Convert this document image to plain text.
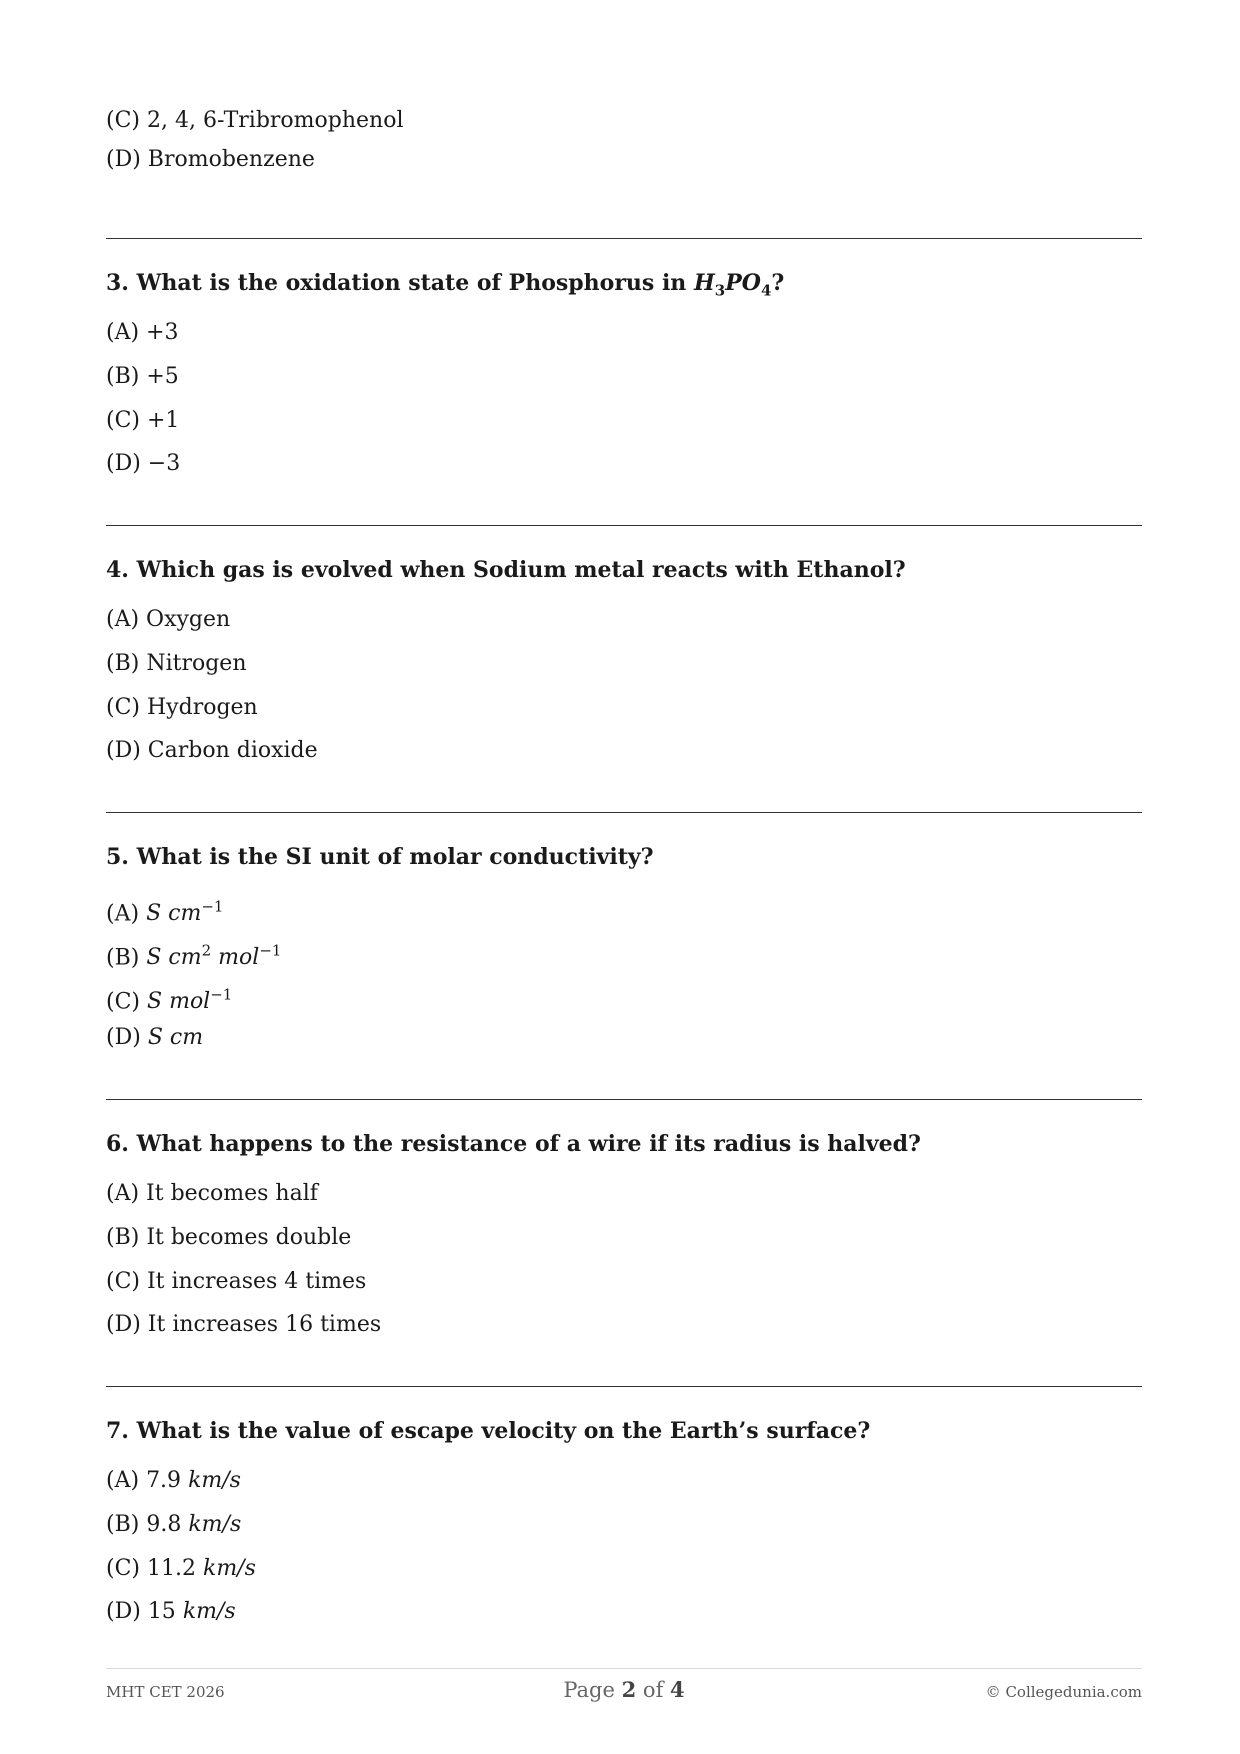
(C) 2, 4, 6-Tribromophenol
(D) Bromobenzene
3. What is the oxidation state of Phosphorus in $H_3PO_4$?
(A) +3
(B) +5
(C) +1
(D) −3
4. Which gas is evolved when Sodium metal reacts with Ethanol?
(A) Oxygen
(B) Nitrogen
(C) Hydrogen
(D) Carbon dioxide
5. What is the SI unit of molar conductivity?
(A) S $cm^{-1}$
(B) S $cm^2$ mol$^{-1}$
(C) S mol$^{-1}$
(D) S cm
6. What happens to the resistance of a wire if its radius is halved?
(A) It becomes half
(B) It becomes double
(C) It increases 4 times
(D) It increases 16 times
7. What is the value of escape velocity on the Earth’s surface?
(A) 7.9 km/s
(B) 9.8 km/s
(C) 11.2 km/s
(D) 15 km/s
MHT CET 2026	Page 2 of 4	© Collegedunia.com
